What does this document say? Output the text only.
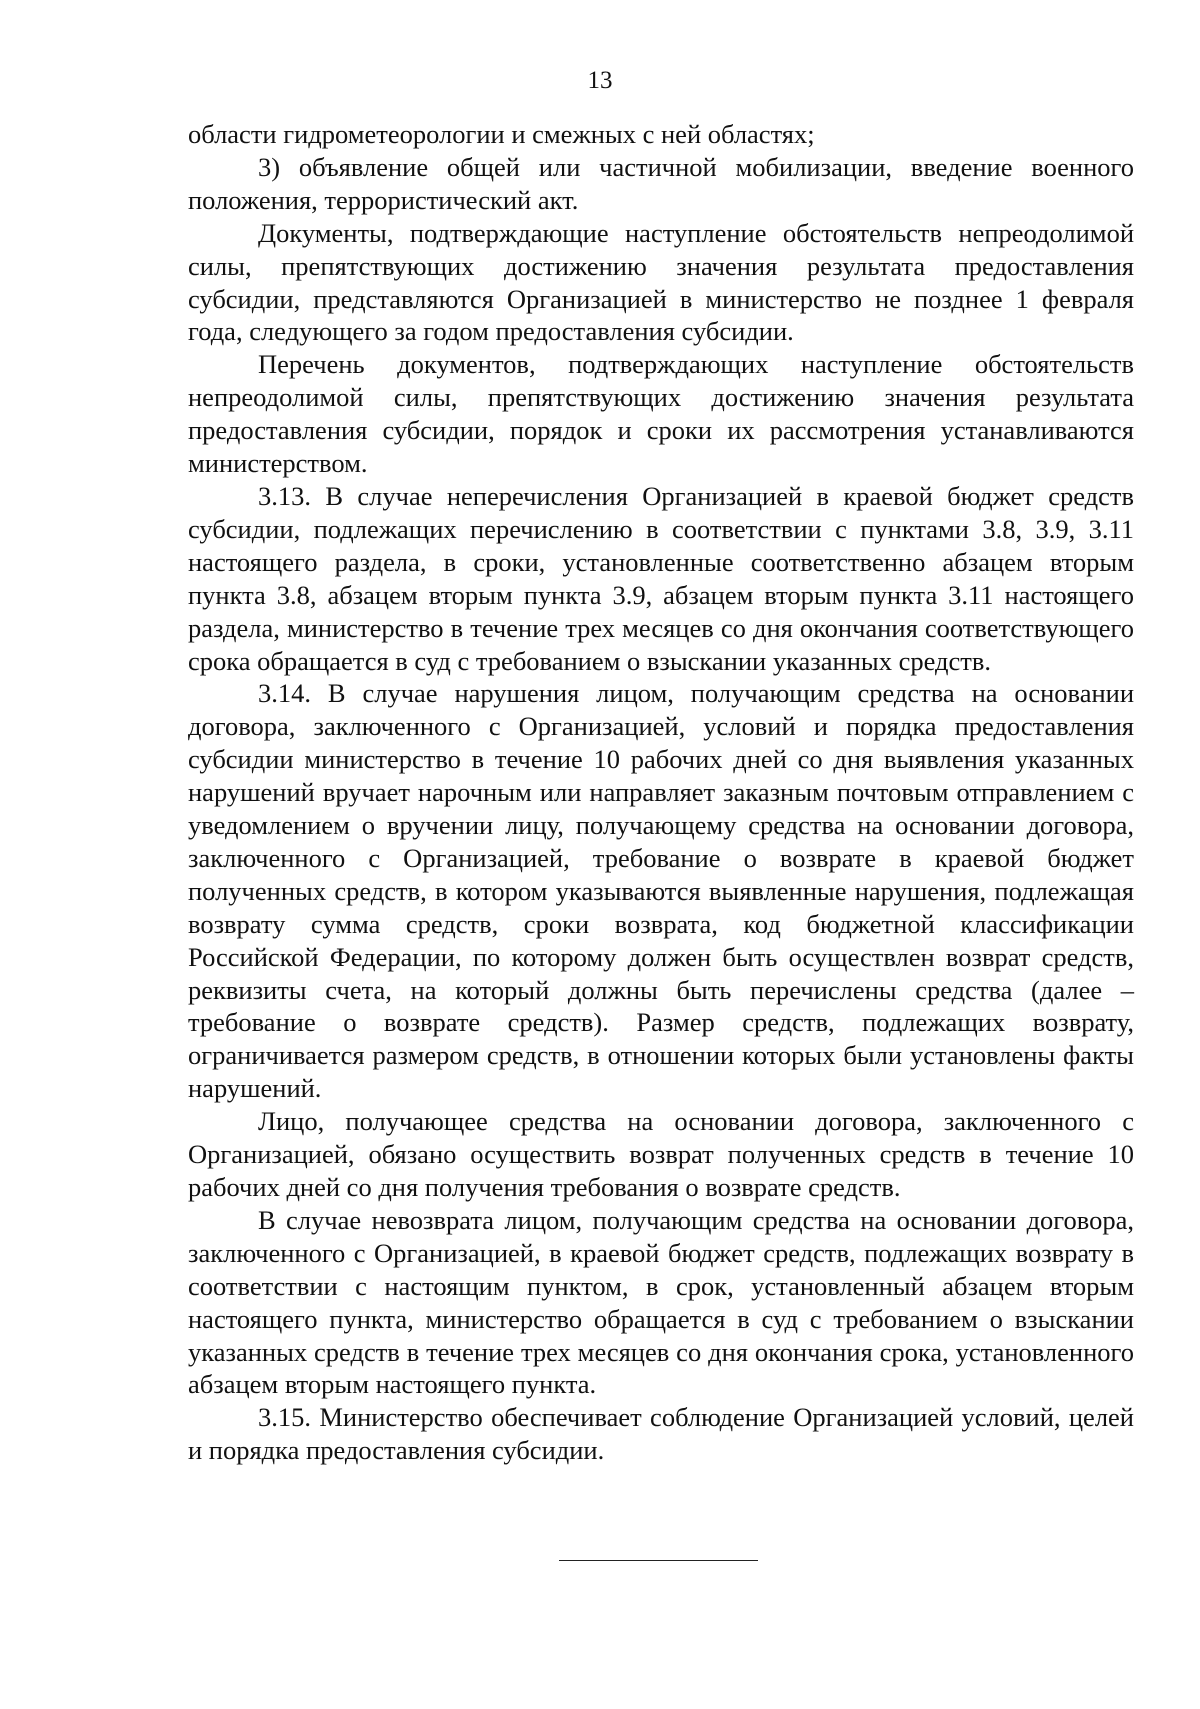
13

области гидрометеорологии и смежных с ней областях;

3) объявление общей или частичной мобилизации, введение военного положения, террористический акт.

Документы, подтверждающие наступление обстоятельств непреодолимой силы, препятствующих достижению значения результата предоставления субсидии, представляются Организацией в министерство не позднее 1 февраля года, следующего за годом предоставления субсидии.

Перечень документов, подтверждающих наступление обстоятельств непреодолимой силы, препятствующих достижению значения результата предоставления субсидии, порядок и сроки их рассмотрения устанавливаются министерством.

3.13. В случае неперечисления Организацией в краевой бюджет средств субсидии, подлежащих перечислению в соответствии с пунктами 3.8, 3.9, 3.11 настоящего раздела, в сроки, установленные соответственно абзацем вторым пункта 3.8, абзацем вторым пункта 3.9, абзацем вторым пункта 3.11 настоящего раздела, министерство в течение трех месяцев со дня окончания соответствующего срока обращается в суд с требованием о взыскании указанных средств.

3.14. В случае нарушения лицом, получающим средства на основании договора, заключенного с Организацией, условий и порядка предоставления субсидии министерство в течение 10 рабочих дней со дня выявления указанных нарушений вручает нарочным или направляет заказным почтовым отправлением с уведомлением о вручении лицу, получающему средства на основании договора, заключенного с Организацией, требование о возврате в краевой бюджет полученных средств, в котором указываются выявленные нарушения, подлежащая возврату сумма средств, сроки возврата, код бюджетной классификации Российской Федерации, по которому должен быть осуществлен возврат средств, реквизиты счета, на который должны быть перечислены средства (далее – требование о возврате средств). Размер средств, подлежащих возврату, ограничивается размером средств, в отношении которых были установлены факты нарушений.

Лицо, получающее средства на основании договора, заключенного с Организацией, обязано осуществить возврат полученных средств в течение 10 рабочих дней со дня получения требования о возврате средств.

В случае невозврата лицом, получающим средства на основании договора, заключенного с Организацией, в краевой бюджет средств, подлежащих возврату в соответствии с настоящим пунктом, в срок, установленный абзацем вторым настоящего пункта, министерство обращается в суд с требованием о взыскании указанных средств в течение трех месяцев со дня окончания срока, установленного абзацем вторым настоящего пункта.

3.15. Министерство обеспечивает соблюдение Организацией условий, целей и порядка предоставления субсидии.
